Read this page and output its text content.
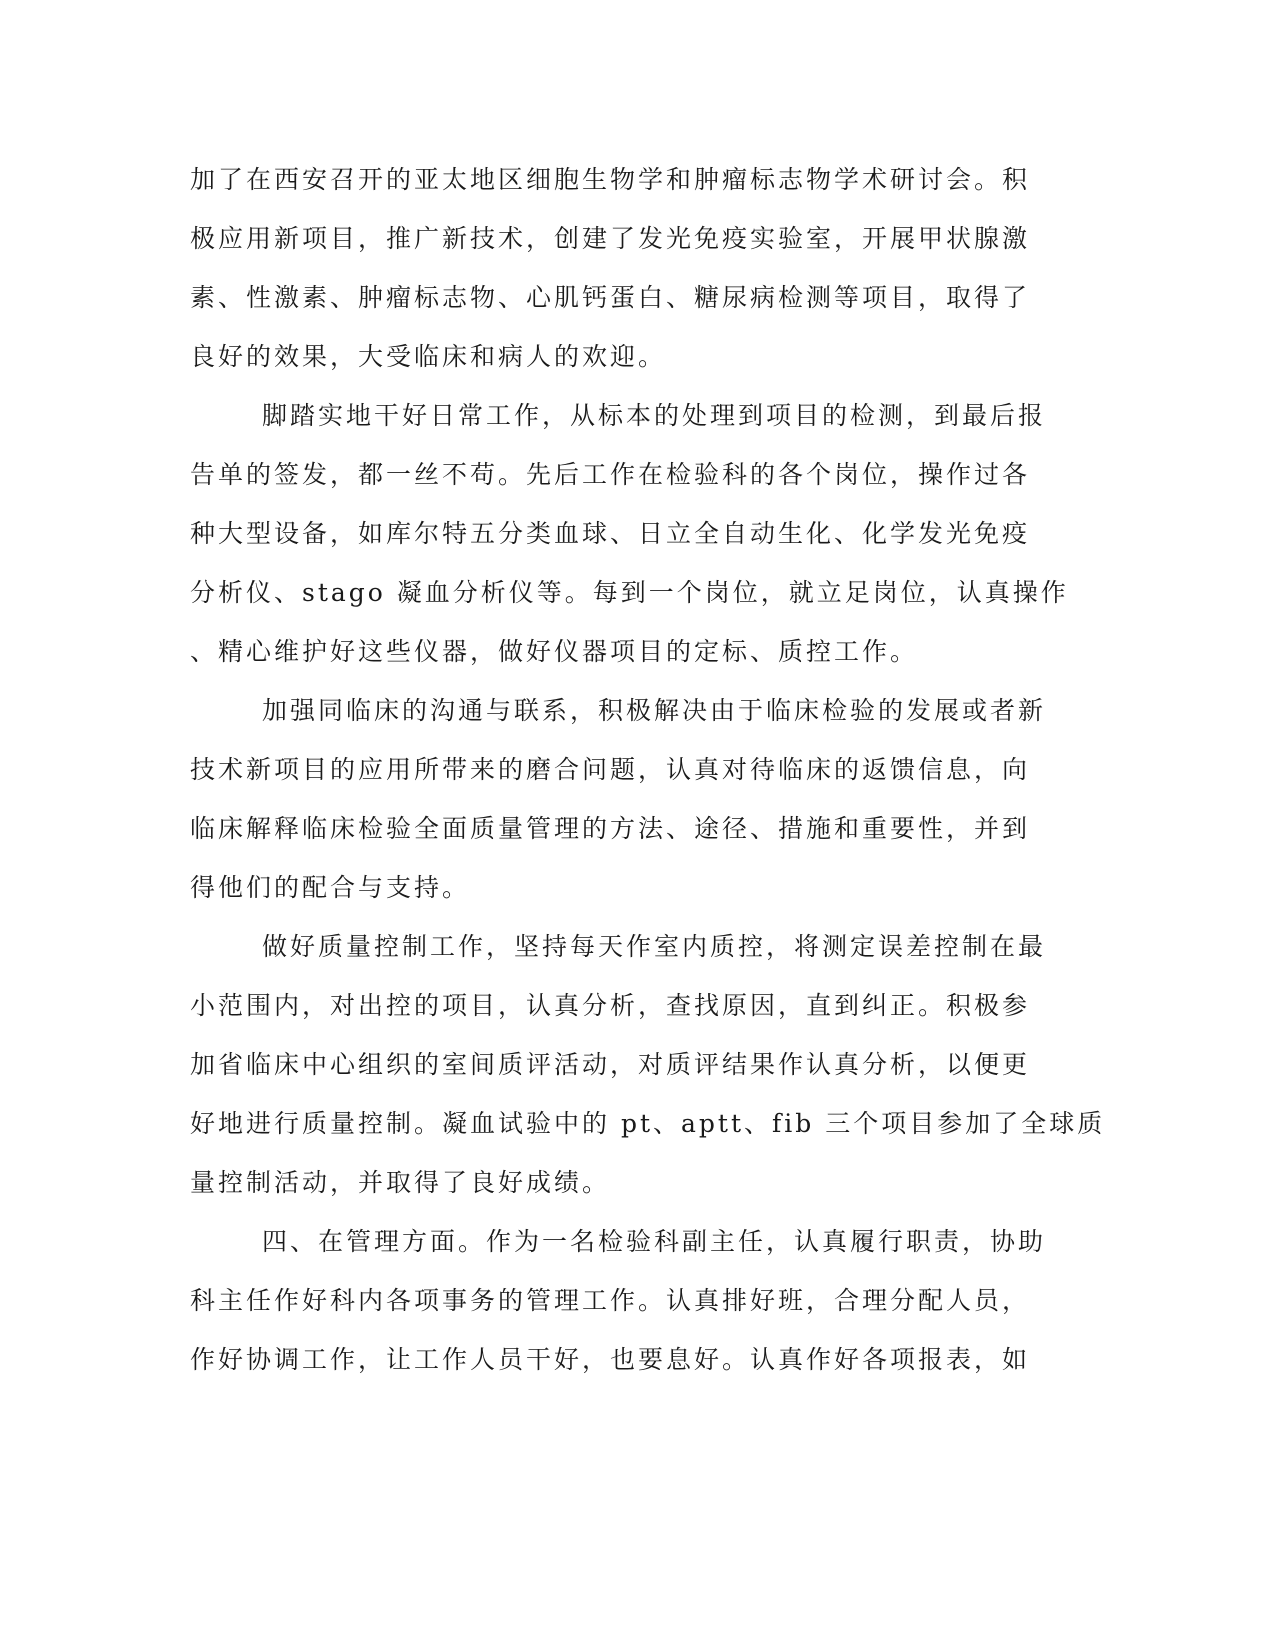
加了在西安召开的亚太地区细胞生物学和肿瘤标志物学术研讨会。积
极应用新项目，推广新技术，创建了发光免疫实验室，开展甲状腺激
素、性激素、肿瘤标志物、心肌钙蛋白、糖尿病检测等项目，取得了
良好的效果，大受临床和病人的欢迎。
脚踏实地干好日常工作，从标本的处理到项目的检测，到最后报
告单的签发，都一丝不苟。先后工作在检验科的各个岗位，操作过各
种大型设备，如库尔特五分类血球、日立全自动生化、化学发光免疫
分析仪、stago 凝血分析仪等。每到一个岗位，就立足岗位，认真操作
、精心维护好这些仪器，做好仪器项目的定标、质控工作。
加强同临床的沟通与联系，积极解决由于临床检验的发展或者新
技术新项目的应用所带来的磨合问题，认真对待临床的返馈信息，向
临床解释临床检验全面质量管理的方法、途径、措施和重要性，并到
得他们的配合与支持。
做好质量控制工作，坚持每天作室内质控，将测定误差控制在最
小范围内，对出控的项目，认真分析，查找原因，直到纠正。积极参
加省临床中心组织的室间质评活动，对质评结果作认真分析，以便更
好地进行质量控制。凝血试验中的 pt、aptt、fib 三个项目参加了全球质
量控制活动，并取得了良好成绩。
四、在管理方面。作为一名检验科副主任，认真履行职责，协助
科主任作好科内各项事务的管理工作。认真排好班，合理分配人员，
作好协调工作，让工作人员干好，也要息好。认真作好各项报表，如
